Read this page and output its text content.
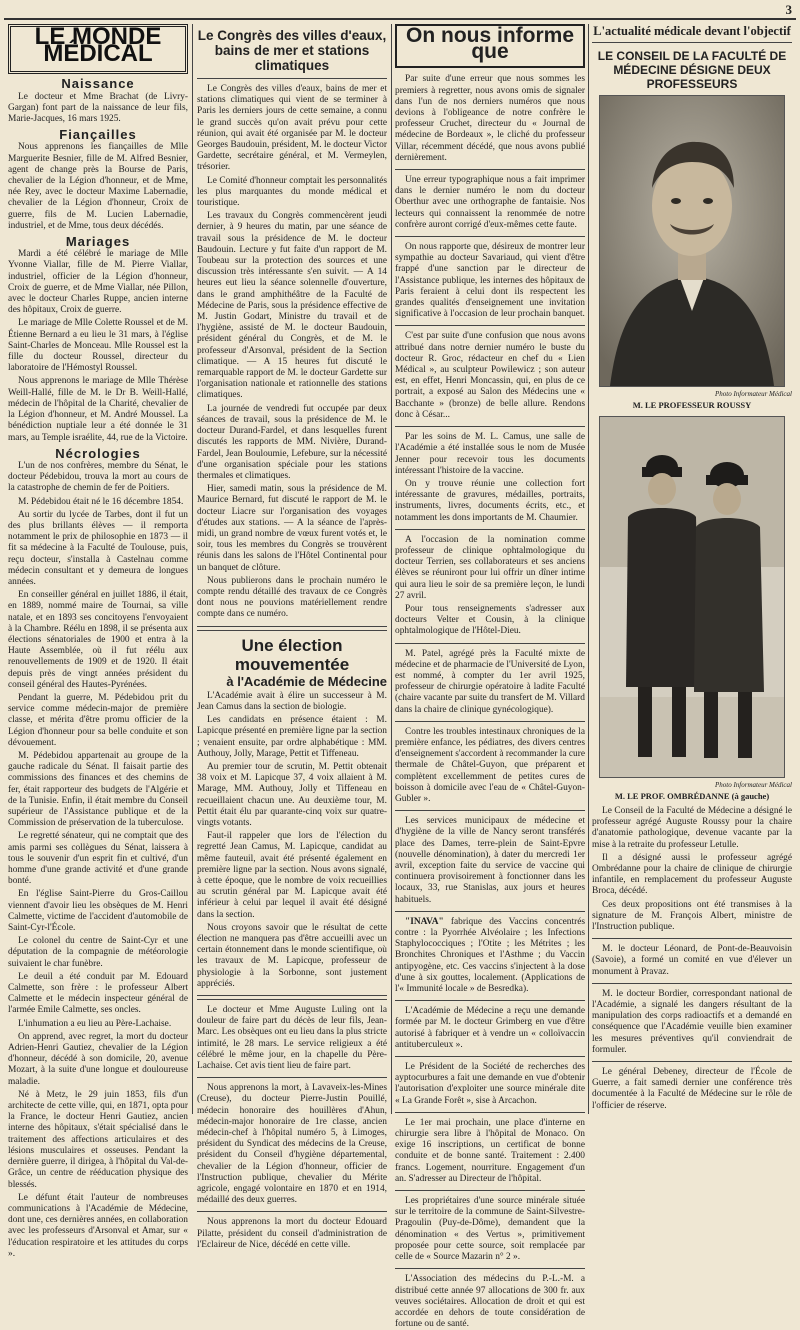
3
LE MONDE MÉDICAL
Naissance

Le docteur et Mme Brachat (de Livry-Gargan) font part de la naissance de leur fils, Marie-Jacques, 16 mars 1925.

Fiançailles

Nous apprenons les fiançailles de Mlle Marguerite Besnier, fille de M. Alfred Besnier, agent de change près la Bourse de Paris, chevalier de la Légion d'honneur, et de Mme, née Rey, avec le docteur Maxime Labernadie, chevalier de la Légion d'honneur, Croix de guerre, fils de M. Lucien Labernadie, industriel, et de Mme, tous deux décédés.

Mariages

Mardi a été célébré le mariage de Mlle Yvonne Viallar, fille de M. Pierre Viallar, industriel, officier de la Légion d'honneur, Croix de guerre, et de Mme Viallar, née Pillon, avec le docteur Charles Ruppe, ancien interne des hôpitaux, Croix de guerre.

Le mariage de Mlle Colette Roussel et de M. Étienne Bernard a eu lieu le 31 mars, à l'église Saint-Charles de Monceau. Mlle Roussel est la fille du docteur Roussel, directeur du laboratoire de l'Hémostyl Roussel.

Nous apprenons le mariage de Mlle Thérèse Weill-Hallé, fille de M. le Dr B. Weill-Hallé, médecin de l'hôpital de la Charité, chevalier de la Légion d'honneur, et M. André Moussel. La bénédiction nuptiale leur a été donnée le 31 mars, au Temple israélite, 44, rue de la Victoire.

Nécrologies

L'un de nos confrères, membre du Sénat, le docteur Pédebidou, trouva la mort au cours de la catastrophe de chemin de fer de Poitiers.

M. Pédebidou était né le 16 décembre 1854.

Au sortir du lycée de Tarbes, dont il fut un des plus brillants élèves — il remporta notamment le prix de philosophie en 1873 — il fit sa médecine à la Faculté de Toulouse, puis, reçu docteur, s'installa à Castelnau comme médecin consultant et y demeura de longues années.

En conseiller général en juillet 1886, il était, en 1889, nommé maire de Tournai, sa ville natale, et en 1893 ses concitoyens l'envoyaient à la Chambre. Réélu en 1898, il se présenta aux élections sénatoriales de 1900 et entra à la Haute Assemblée, où il fut réélu aux renouvellements de 1909 et de 1920. Il était depuis près de vingt années président du conseil général des Hautes-Pyrénées.

Pendant la guerre, M. Pédebidou prit du service comme médecin-major de première classe, et mérita d'être promu officier de la Légion d'honneur pour sa belle conduite et son dévouement.

M. Pédebidou appartenait au groupe de la gauche radicale du Sénat. Il faisait partie des commissions des finances et des chemins de fer, était rapporteur des budgets de l'Algérie et de la Tunisie. Enfin, il était membre du Conseil supérieur de l'Assistance publique et de la Commission de préservation de la tuberculose.

Le regretté sénateur, qui ne comptait que des amis parmi ses collègues du Sénat, laissera à tous le souvenir d'un esprit fin et cultivé, d'un homme d'une grande activité et d'une grande bonté.

En l'église Saint-Pierre du Gros-Caillou viennent d'avoir lieu les obsèques de M. Henri Calmette, victime de l'accident d'automobile de Saint-Cyr-l'École.

Le colonel du centre de Saint-Cyr et une députation de la compagnie de météorologie suivaient le char funèbre.

Le deuil a été conduit par M. Edouard Calmette, son frère : le professeur Albert Calmette et le médecin inspecteur général de l'armée Emile Calmette, ses oncles.

L'inhumation a eu lieu au Père-Lachaise.

On apprend, avec regret, la mort du docteur Adrien-Henri Gautiez, chevalier de la Légion d'honneur, décédé à son domicile, 20, avenue Mozart, à la suite d'une longue et douloureuse maladie.

Né à Metz, le 29 juin 1853, fils d'un architecte de cette ville, qui, en 1871, opta pour la France, le docteur Henri Gautiez, ancien interne des hôpitaux, s'était spécialisé dans le traitement des affections articulaires et des lésions musculaires et osseuses. Pendant la dernière guerre, il dirigea, à l'hôpital du Val-de-Grâce, un centre de rééducation physique des blessés.

Le défunt était l'auteur de nombreuses communications à l'Académie de Médecine, dont une, ces dernières années, en collaboration avec les professeurs d'Arsonval et Amar, sur « l'éducation respiratoire et les attitudes du corps ».

Le Congrès des villes d'eaux, bains de mer et stations climatiques

Le Congrès des villes d'eaux, bains de mer et stations climatiques qui vient de se terminer à Paris les derniers jours de cette semaine, a connu le grand succès qu'on avait prévu pour cette réunion, qui avait été organisée par M. le docteur Georges Baudouin, président, M. le docteur Victor Gardette, secrétaire général, et M. Vermeylen, trésorier.

Le Comité d'honneur comptait les personnalités les plus marquantes du monde médical et touristique.

Les travaux du Congrès commencèrent jeudi dernier, à 9 heures du matin, par une séance de travail sous la présidence de M. le docteur Baudouin. Lecture y fut faite d'un rapport de M. Toubeau sur la protection des sources et une discussion très intéressante s'en suivit. — A 14 heures eut lieu la séance solennelle d'ouverture, dans le grand amphithéâtre de la Faculté de Médecine de Paris, sous la présidence effective de M. Justin Godart, Ministre du travail et de l'hygiène, assisté de M. le docteur Baudouin, président général du Congrès, et de M. le professeur d'Arsonval, président de la Section climatique. — A 15 heures fut discuté le remarquable rapport de M. le docteur Gardette sur l'organisation nationale et rationnelle des stations climatiques.

La journée de vendredi fut occupée par deux séances de travail, sous la présidence de M. le docteur Durand-Fardel, et dans lesquelles furent discutés les rapports de MM. Nivière, Durand-Fardel, Jean Bouloumie, Lefebure, sur la nécessité d'une organisation spéciale pour les stations thermales et climatiques.

Hier, samedi matin, sous la présidence de M. Maurice Bernard, fut discuté le rapport de M. le docteur Liacre sur l'organisation des voyages d'études aux stations. — A la séance de l'après-midi, un grand nombre de vœux furent votés et, le soir, tous les membres du Congrès se trouvèrent réunis dans les salons de l'Hôtel Continental pour un banquet de clôture.

Nous publierons dans le prochain numéro le compte rendu détaillé des travaux de ce Congrès dont nous ne pouvions matériellement rendre compte dans ce numéro.

Une élection mouvementée
à l'Académie de Médecine

L'Académie avait à élire un successeur à M. Jean Camus dans la section de biologie.

Les candidats en présence étaient : M. Lapicque présenté en première ligne par la section ; venaient ensuite, par ordre alphabétique : MM. Authouy, Jolly, Marage, Pettit et Tiffeneau.

Au premier tour de scrutin, M. Pettit obtenait 38 voix et M. Lapicque 37, 4 voix allaient à M. Marage, MM. Authouy, Jolly et Tiffeneau en recueillaient chacun une. Au deuxième tour, M. Pettit était élu par quarante-cinq voix sur quatre-vingts votants.

Faut-il rappeler que lors de l'élection du regretté Jean Camus, M. Lapicque, candidat au même fauteuil, avait été présenté également en première ligne par la section. Nous avons signalé, à cette époque, que le nombre de voix recueillies au scrutin général par M. Lapicque avait été inférieur à celui par lequel il avait été désigné dans la section.

Nous croyons savoir que le résultat de cette élection ne manquera pas d'être accueilli avec un certain étonnement dans le monde scientifique, où les travaux de M. Lapicque, professeur de physiologie à la Sorbonne, sont justement appréciés.

Le docteur et Mme Auguste Luling ont la douleur de faire part du décès de leur fils, Jean-Marc. Les obsèques ont eu lieu dans la plus stricte intimité, le 28 mars. Le service religieux a été célébré le même jour, en la chapelle du Père-Lachaise. Cet avis tient lieu de faire part.

Nous apprenons la mort, à Lavaveix-les-Mines (Creuse), du docteur Pierre-Justin Pouillé, médecin honoraire des houillères d'Ahun, médecin-major honoraire de 1re classe, ancien médecin-chef à l'hôpital numéro 5, à Limoges, président du Syndicat des médecins de la Creuse, président du Conseil d'hygiène départemental, chevalier de la Légion d'honneur, officier de l'Instruction publique, chevalier du Mérite agricole, engagé volontaire en 1870 et en 1914, médaillé des deux guerres.

Nous apprenons la mort du docteur Edouard Pilatte, président du conseil d'administration de l'Eclaireur de Nice, décédé en cette ville.

On nous informe que

Par suite d'une erreur que nous sommes les premiers à regretter, nous avons omis de signaler dans l'un de nos derniers numéros que nous devions à l'obligeance de notre confrère le professeur Cruchet, directeur du « Journal de médecine de Bordeaux », le cliché du professeur Villar, récemment décédé, que nous avons publié dernièrement.

Une erreur typographique nous a fait imprimer dans le dernier numéro le nom du docteur Oberthur avec une orthographe de fantaisie. Nos lecteurs qui connaissent la renommée de notre confrère auront corrigé d'eux-mêmes cette faute.

On nous rapporte que, désireux de montrer leur sympathie au docteur Savariaud, qui vient d'être frappé d'une sanction par le directeur de l'Assistance publique, les internes des hôpitaux de Paris feraient à celui dont ils respectent les grandes qualités d'enseignement une invitation significative à l'occasion de leur prochain banquet.

C'est par suite d'une confusion que nous avons attribué dans notre dernier numéro le buste du docteur R. Groc, rédacteur en chef du « Lien Médical », au sculpteur Powilewicz ; son auteur est, en effet, Henri Moncassin, qui, en plus de ce portrait, a exposé au Salon des Médecins une « Bacchante » (bronze) de belle allure. Rendons donc à César...

Par les soins de M. L. Camus, une salle de l'Académie a été installée sous le nom de Musée Jenner pour recevoir tous les documents intéressant l'histoire de la vaccine.

On y trouve réunie une collection fort intéressante de gravures, médailles, portraits, instruments, livres, documents écrits, etc., et notamment les dons importants de M. Chaumier.

A l'occasion de la nomination comme professeur de clinique ophtalmologique du docteur Terrien, ses collaborateurs et ses anciens élèves se réuniront pour lui offrir un dîner intime qui aura lieu le soir de sa première leçon, le lundi 27 avril.

Pour tous renseignements s'adresser aux docteurs Velter et Cousin, à la clinique ophtalmologique de l'Hôtel-Dieu.

M. Patel, agrégé près la Faculté mixte de médecine et de pharmacie de l'Université de Lyon, est nommé, à compter du 1er avril 1925, professeur de chirurgie opératoire à ladite Faculté (chaire vacante par suite du transfert de M. Villard dans la chaire de clinique gynécologique).

Contre les troubles intestinaux chroniques de la première enfance, les pédiatres, des divers centres d'enseignement s'accordent à recommander la cure thermale de Châtel-Guyon, que préparent et complètent excellemment de petites cures de boisson à domicile avec l'eau de « Châtel-Guyon-Gubler ».

Les services municipaux de médecine et d'hygiène de la ville de Nancy seront transférés place des Dames, terre-plein de Saint-Epvre (nouvelle dénomination), à dater du mercredi 1er avril, exception faite du service de vaccine qui continuera provisoirement à fonctionner dans les locaux, 33, rue Stanislas, aux jours et heures habituels.

"INAVA" fabrique des Vaccins concentrés contre : la Pyorrhée Alvéolaire ; les Infections Staphylococciques ; l'Otite ; les Métrites ; les Bronchites Chroniques et l'Asthme ; du Vaccin antipyogène, etc. Ces vaccins s'injectent à la dose d'une à six gouttes, localement. (Applications de l'« Immunité locale » de Besredka).

L'Académie de Médecine a reçu une demande formée par M. le docteur Grimberg en vue d'être autorisé à fabriquer et à vendre un « colloïvaccin antituberculeux ».

Le Président de la Société de recherches des ayptocurbures a fait une demande en vue d'obtenir l'autorisation d'exploiter une source minérale dite « La Grande Forêt », sise à Arcachon.

Le 1er mai prochain, une place d'interne en chirurgie sera libre à l'hôpital de Monaco. On exige 16 inscriptions, un certificat de bonne conduite et de bonne santé. Traitement : 2.400 francs. Logement, nourriture. Engagement d'un an. S'adresser au Directeur de l'hôpital.

Les propriétaires d'une source minérale située sur le territoire de la commune de Saint-Silvestre-Pragoulin (Puy-de-Dôme), demandent que la dénomination « des Vertus », primitivement proposée pour cette source, soit remplacée par celle de « Source Mazarin n° 2 ».

L'Association des médecins du P.-L.-M. a distribué cette année 97 allocations de 300 fr. aux veuves sociétaires. Allocation de droit et qui est accordée en dehors de toute considération de fortune ou de santé.

L'actualité médicale devant l'objectif
LE CONSEIL DE LA FACULTÉ DE MÉDECINE DÉSIGNE DEUX PROFESSEURS
Photo Informateur Médical
M. LE PROFESSEUR ROUSSY
Photo Informateur Médical
M. LE PROF. OMBRÉDANNE (à gauche)

Le Conseil de la Faculté de Médecine a désigné le professeur agrégé Auguste Roussy pour la chaire d'anatomie pathologique, devenue vacante par la mise à la retraite du professeur Letulle.

Il a désigné aussi le professeur agrégé Ombrédanne pour la chaire de clinique de chirurgie infantile, en remplacement du professeur Auguste Broca, décédé.

Ces deux propositions ont été transmises à la signature de M. François Albert, ministre de l'Instruction publique.

M. le docteur Léonard, de Pont-de-Beauvoisin (Savoie), a formé un comité en vue d'élever un monument à Pravaz.

M. le docteur Bordier, correspondant national de l'Académie, a signalé les dangers résultant de la manipulation des corps radioactifs et a demandé en conséquence que l'Académie veuille bien examiner les mesures préventives qu'il conviendrait de formuler.

Le général Debeney, directeur de l'École de Guerre, a fait samedi dernier une conférence très documentée à la Faculté de Médecine sur le rôle de l'officier de réserve.
